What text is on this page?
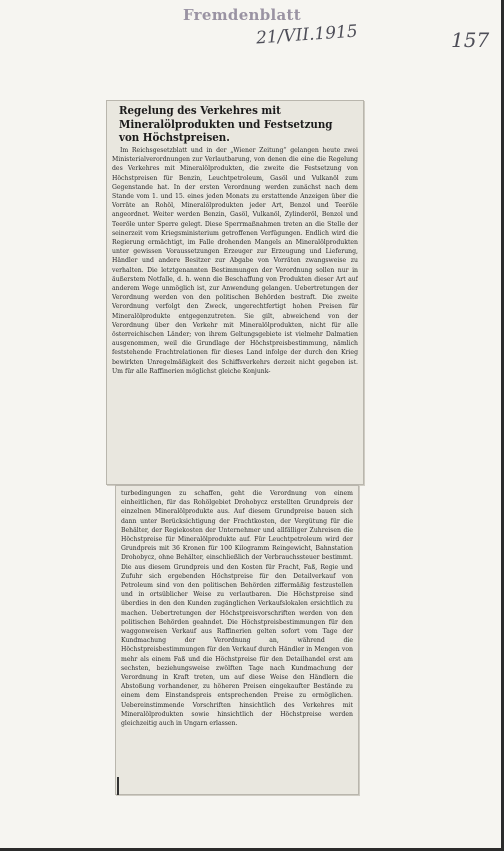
Fremdenblatt
21/VII.1915	157
Regelung des Verkehres mit Mineralölprodukten und Festsetzung von Höchstpreisen.

Im Reichsgesetzblatt und in der „Wiener Zeitung“ gelangen heute zwei Ministerialverordnungen zur Verlautbarung, von denen die eine die Regelung des Verkehres mit Mineralölprodukten, die zweite die Festsetzung von Höchstpreisen für Benzin, Leuchtpetroleum, Gasöl und Vulkanöl zum Gegenstande hat. In der ersten Verordnung werden zunächst nach dem Stande vom 1. und 15. eines jeden Monats zu erstattende Anzeigen über die Vorräte an Rohöl, Mineralölprodukten jeder Art, Benzol und Teeröle angeordnet. Weiter werden Benzin, Gasöl, Vulkanöl, Zylinderöl, Benzol und Teeröle unter Sperre gelegt. Diese Sperrmaßnahmen treten an die Stelle der seinerzeit vom Kriegsministerium getroffenen Verfügungen. Endlich wird die Regierung ermächtigt, im Falle drohenden Mangels an Mineralölprodukten unter gewissen Voraussetzungen Erzeuger zur Erzeugung und Lieferung, Händler und andere Besitzer zur Abgabe von Vorräten zwangsweise zu verhalten. Die letztgenannten Bestimmungen der Verordnung sollen nur in äußerstem Notfalle, d. h. wenn die Beschaffung von Produkten dieser Art auf anderem Wege unmöglich ist, zur Anwendung gelangen. Uebertretungen der Verordnung werden von den politischen Behörden bestraft. Die zweite Verordnung verfolgt den Zweck, ungerechtfertigt hohen Preisen für Mineralölprodukte entgegenzutreten. Sie gilt, abweichend von der Verordnung über den Verkehr mit Mineralölprodukten, nicht für alle österreichischen Länder; von ihrem Geltungsgebiete ist vielmehr Dalmatien ausgenommen, weil die Grundlage der Höchstpreisbestimmung, nämlich feststehende Frachtrelationen für dieses Land infolge der durch den Krieg bewirkten Unregelmäßigkeit des Schiffsverkehrs derzeit nicht gegeben ist. Um für alle Raffinerien möglichst gleiche Konjunk-

turbedingungen zu schaffen, geht die Verordnung von einem einheitlichen, für das Rohölgebiet Drohobycz erstellten Grundpreis der einzelnen Mineralölprodukte aus. Auf diesem Grundpreise bauen sich dann unter Berücksichtigung der Frachtkosten, der Vergütung für die Behälter, der Regiekosten der Unternehmer und allfälliger Zuhreisen die Höchstpreise für Mineralölprodukte auf. Für Leuchtpetroleum wird der Grundpreis mit 36 Kronen für 100 Kilogramm Reingewicht, Bahnstation Drohobycz, ohne Behälter, einschließlich der Verbrauchssteuer bestimmt. Die aus diesem Grundpreis und den Kosten für Fracht, Faß, Regie und Zufuhr sich ergebenden Höchstpreise für den Detailverkauf von Petroleum sind von den politischen Behörden ziffermäßig festzustellen und in ortsüblicher Weise zu verlautbaren. Die Höchstpreise sind überdies in den den Kunden zugänglichen Verkaufslokalen ersichtlich zu machen. Uebertretungen der Höchstpreisvorschriften werden von den politischen Behörden geahndet. Die Höchstpreisbestimmungen für den waggonweisen Verkauf aus Raffinerien gelten sofort vom Tage der Kundmachung der Verordnung an, während die Höchstpreisbestimmungen für den Verkauf durch Händler in Mengen von mehr als einem Faß und die Höchstpreise für den Detailhandel erst am sechsten, beziehungsweise zwölften Tage nach Kundmachung der Verordnung in Kraft treten, um auf diese Weise den Händlern die Abstoßung vorhandener, zu höheren Preisen eingekaufter Bestände zu einem dem Einstandspreis entsprechenden Preise zu ermöglichen. Uebereinstimmende Vorschriften hinsichtlich des Verkehres mit Mineralölprodukten sowie hinsichtlich der Höchstpreise werden gleichzeitig auch in Ungarn erlassen.
